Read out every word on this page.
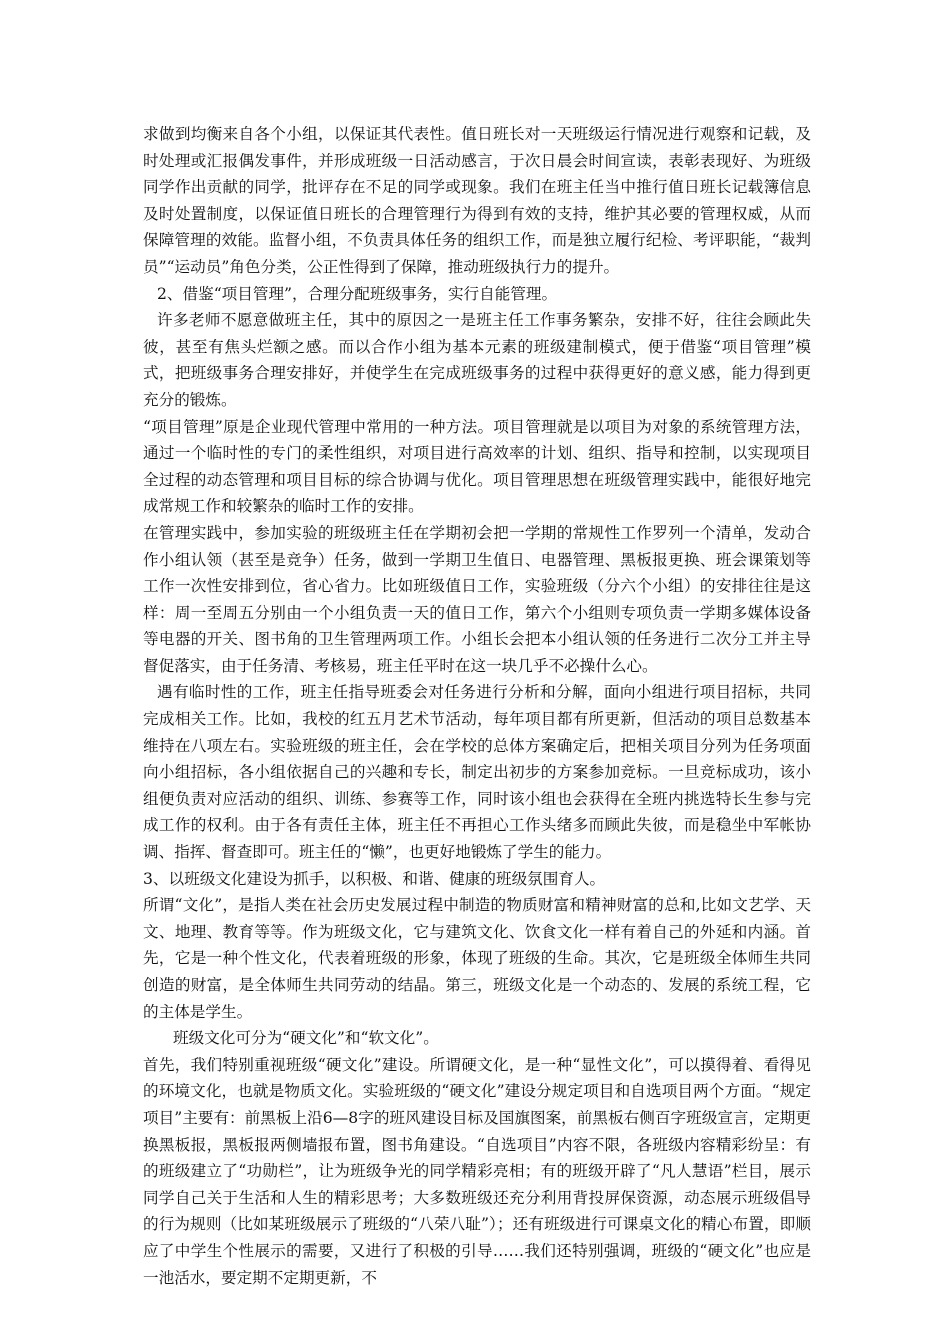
求做到均衡来自各个小组，以保证其代表性。值日班长对一天班级运行情况进行观察和记载，及时处理或汇报偶发事件，并形成班级一日活动感言，于次日晨会时间宣读，表彰表现好、为班级同学作出贡献的同学，批评存在不足的同学或现象。我们在班主任当中推行值日班长记载簿信息及时处置制度，以保证值日班长的合理管理行为得到有效的支持，维护其必要的管理权威，从而保障管理的效能。监督小组，不负责具体任务的组织工作，而是独立履行纪检、考评职能，“裁判员”“运动员”角色分类，公正性得到了保障，推动班级执行力的提升。

2、借鉴“项目管理”，合理分配班级事务，实行自能管理。

许多老师不愿意做班主任，其中的原因之一是班主任工作事务繁杂，安排不好，往往会顾此失彼，甚至有焦头烂额之感。而以合作小组为基本元素的班级建制模式，便于借鉴“项目管理”模式，把班级事务合理安排好，并使学生在完成班级事务的过程中获得更好的意义感，能力得到更充分的锻炼。

“项目管理”原是企业现代管理中常用的一种方法。项目管理就是以项目为对象的系统管理方法，通过一个临时性的专门的柔性组织，对项目进行高效率的计划、组织、指导和控制，以实现项目全过程的动态管理和项目目标的综合协调与优化。项目管理思想在班级管理实践中，能很好地完成常规工作和较繁杂的临时工作的安排。

在管理实践中，参加实验的班级班主任在学期初会把一学期的常规性工作罗列一个清单，发动合作小组认领（甚至是竞争）任务，做到一学期卫生值日、电器管理、黑板报更换、班会课策划等工作一次性安排到位，省心省力。比如班级值日工作，实验班级（分六个小组）的安排往往是这样：周一至周五分别由一个小组负责一天的值日工作，第六个小组则专项负责一学期多媒体设备等电器的开关、图书角的卫生管理两项工作。小组长会把本小组认领的任务进行二次分工并主导督促落实，由于任务清、考核易，班主任平时在这一块几乎不必操什么心。

遇有临时性的工作，班主任指导班委会对任务进行分析和分解，面向小组进行项目招标，共同完成相关工作。比如，我校的红五月艺术节活动，每年项目都有所更新，但活动的项目总数基本维持在八项左右。实验班级的班主任，会在学校的总体方案确定后，把相关项目分列为任务项面向小组招标，各小组依据自己的兴趣和专长，制定出初步的方案参加竞标。一旦竞标成功，该小组便负责对应活动的组织、训练、参赛等工作，同时该小组也会获得在全班内挑选特长生参与完成工作的权利。由于各有责任主体，班主任不再担心工作头绪多而顾此失彼，而是稳坐中军帐协调、指挥、督查即可。班主任的“懒”，也更好地锻炼了学生的能力。

3、以班级文化建设为抓手，以积极、和谐、健康的班级氛围育人。

所谓“文化”，是指人类在社会历史发展过程中制造的物质财富和精神财富的总和,比如文艺学、天文、地理、教育等等。作为班级文化，它与建筑文化、饮食文化一样有着自己的外延和内涵。首先，它是一种个性文化，代表着班级的形象，体现了班级的生命。其次，它是班级全体师生共同创造的财富，是全体师生共同劳动的结晶。第三，班级文化是一个动态的、发展的系统工程，它的主体是学生。

班级文化可分为“硬文化”和“软文化”。

首先，我们特别重视班级“硬文化”建设。所谓硬文化，是一种“显性文化”，可以摸得着、看得见的环境文化，也就是物质文化。实验班级的“硬文化”建设分规定项目和自选项目两个方面。“规定项目”主要有：前黑板上沿6—8字的班风建设目标及国旗图案，前黑板右侧百字班级宣言，定期更换黑板报，黑板报两侧墙报布置，图书角建设。“自选项目”内容不限，各班级内容精彩纷呈：有的班级建立了“功勋栏”，让为班级争光的同学精彩亮相；有的班级开辟了“凡人慧语”栏目，展示同学自己关于生活和人生的精彩思考；大多数班级还充分利用背投屏保资源，动态展示班级倡导的行为规则（比如某班级展示了班级的“八荣八耻”）；还有班级进行可课桌文化的精心布置，即顺应了中学生个性展示的需要，又进行了积极的引导……我们还特别强调，班级的“硬文化”也应是一池活水，要定期不定期更新，不
